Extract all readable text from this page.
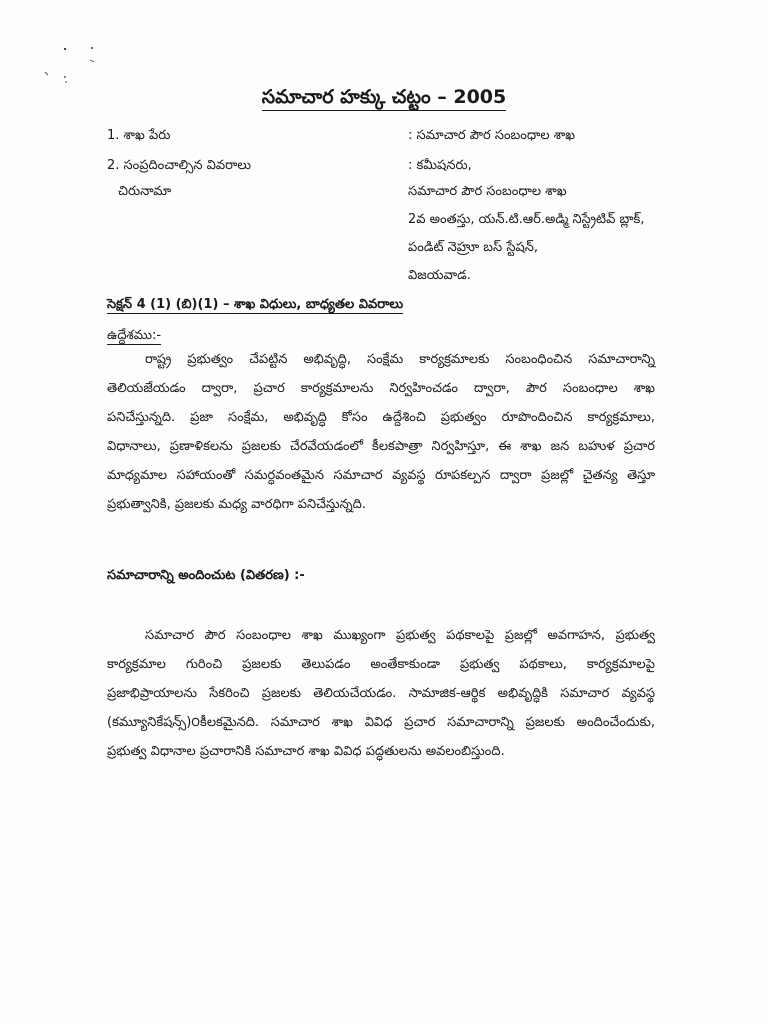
సమాచార హక్కు చట్టం – 2005
1. శాఖ పేరు	: సమాచార పౌర సంబంధాల శాఖ
2. సంప్రదించాల్సిన వివరాలు	: కమీషనరు,
చిరునామా	సమాచార పౌర సంబంధాల శాఖ
2వ అంతస్తు, యన్.టి.ఆర్.అడ్మి నిస్ట్రేటివ్ బ్లాక్,
పండిట్ నెహ్రూ బస్ స్టేషన్,
విజయవాడ.
సెక్షన్ 4 (1) (బి)(1) – శాఖ విధులు, బాధ్యతల వివరాలు
ఉద్దేశము:-
రాష్ట్ర ప్రభుత్వం చేపట్టిన అభివృద్ధి, సంక్షేమ కార్యక్రమాలకు సంబంధించిన సమాచారాన్ని
తెలియజేయడం ద్వారా, ప్రచార కార్యక్రమాలను నిర్వహించడం ద్వారా, పౌర సంబంధాల శాఖ
పనిచేస్తున్నది. ప్రజా సంక్షేమ, అభివృద్ధి కోసం ఉద్దేశించి ప్రభుత్వం రూపొందించిన కార్యక్రమాలు,
విధానాలు, ప్రణాళికలను ప్రజలకు చేరవేయడంలో కీలకపాత్రా నిర్వహిస్తూ, ఈ శాఖ జన బహుళ ప్రచార
మాధ్యమాల సహాయంతో సమర్ధవంతమైన సమాచార వ్యవస్థ రూపకల్పన ద్వారా ప్రజల్లో చైతన్య తెస్తూ
ప్రభుత్వానికి, ప్రజలకు మధ్య వారధిగా పనిచేస్తున్నది.
సమాచారాన్ని అందించుట (వితరణ) :-
సమాచార పౌర సంబంధాల శాఖ ముఖ్యంగా ప్రభుత్వ పథకాలపై ప్రజల్లో అవగాహన, ప్రభుత్వ
కార్యక్రమాల గురించి ప్రజలకు తెలుపడం అంతేకాకుండా ప్రభుత్వ పథకాలు, కార్యక్రమాలపై
ప్రజాభిప్రాయాలను సేకరించి ప్రజలకు తెలియచేయడం. సామాజిక-ఆర్థిక అభివృద్ధికి సమాచార వ్యవస్థ
(కమ్యూనికేషన్స్)౦కీలకమైనది. సమాచార శాఖ వివిధ ప్రచార సమాచారాన్ని ప్రజలకు అందించేందుకు,
ప్రభుత్వ విధానాల ప్రచారానికి సమాచార శాఖ వివిధ పద్ధతులను అవలంబిస్తుంది.
